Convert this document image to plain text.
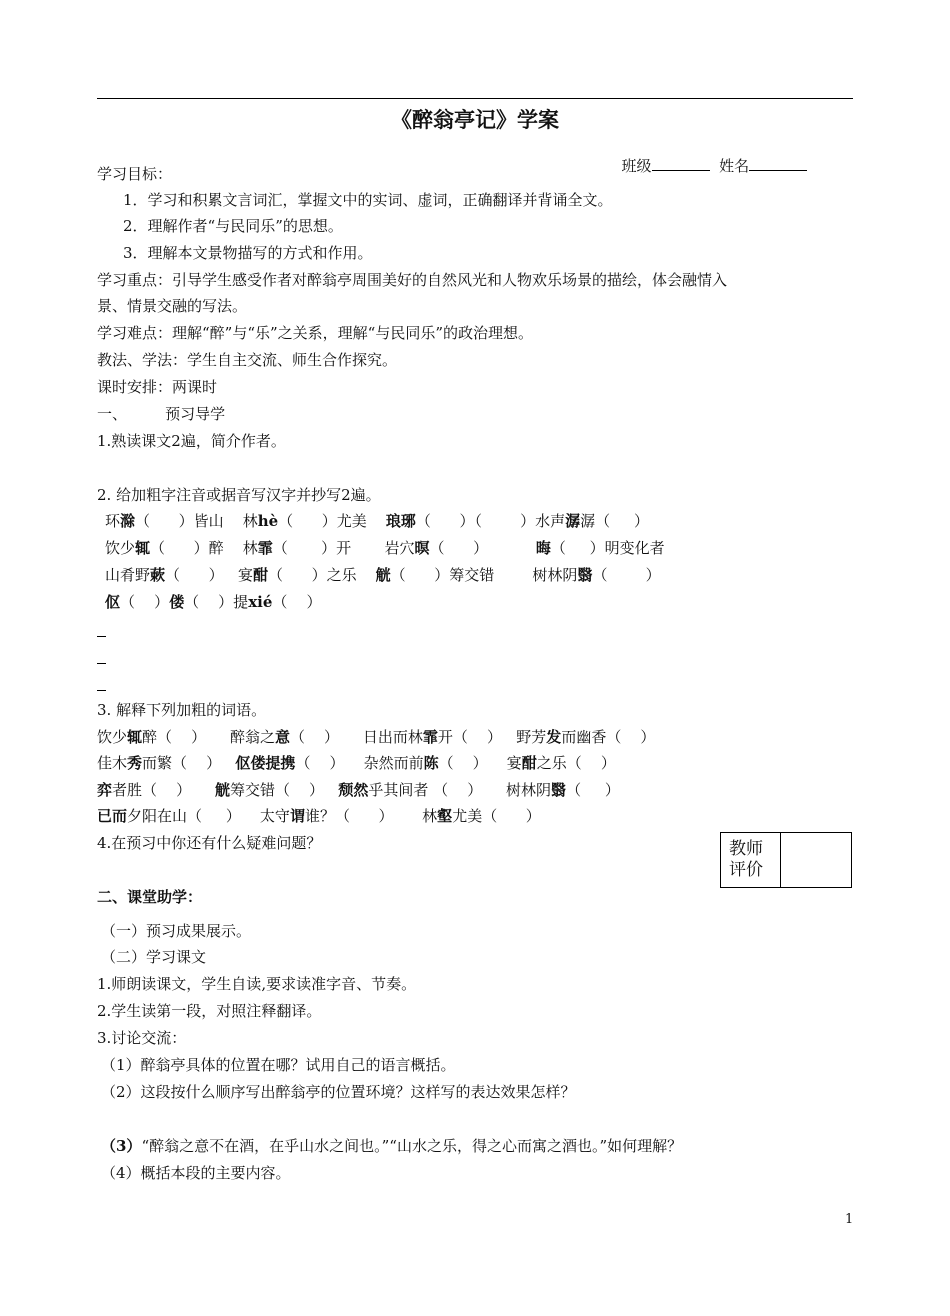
《醉翁亭记》学案

班级	姓名

学习目标：
1．学习和积累文言词汇，掌握文中的实词、虚词，正确翻译并背诵全文。
2．理解作者“与民同乐”的思想。
3．理解本文景物描写的方式和作用。
学习重点：引导学生感受作者对醉翁亭周围美好的自然风光和人物欢乐场景的描绘，体会融情入
景、情景交融的写法。
学习难点：理解“醉”与“乐”之关系，理解“与民同乐”的政治理想。
教法、学法：学生自主交流、师生合作探究。
课时安排：两课时
一、	预习导学
1.熟读课文2遍，简介作者。
2. 给加粗字注音或据音写汉字并抄写2遍。
环滁（      ）皆山    林hè（      ）尤美    琅琊（      ）（        ）水声潺潺（     ）
饮少辄（      ）醉    林霏（       ）开       岩穴暝（      ）          晦（     ）明变化者
山肴野蔌（      ）   宴酣（      ）之乐    觥（      ）筹交错        树林阴翳（        ）
伛（    ）偻（    ）提xié（    ）
3. 解释下列加粗的词语。
饮少辄醉（    ）     醉翁之意（    ）     日出而林霏开（    ）   野芳发而幽香（    ）
佳木秀而繁（    ）   伛偻提携（    ）    杂然而前陈（    ）    宴酣之乐（    ）
弈者胜（    ）     觥筹交错（    ）   颓然乎其间者 （    ）     树林阴翳（     ）
已而夕阳在山（     ）    太守谓谁？（      ）      林壑尤美（      ）
4.在预习中你还有什么疑难问题？	教师
评价
二、课堂助学：
（一）预习成果展示。
（二）学习课文
1.师朗读课文，学生自读,要求读准字音、节奏。
2.学生读第一段，对照注释翻译。
3.讨论交流：
（1）醉翁亭具体的位置在哪？试用自己的语言概括。
（2）这段按什么顺序写出醉翁亭的位置环境？这样写的表达效果怎样？
（3）“醉翁之意不在酒，在乎山水之间也。”“山水之乐，得之心而寓之酒也。”如何理解？
（4）概括本段的主要内容。
1
